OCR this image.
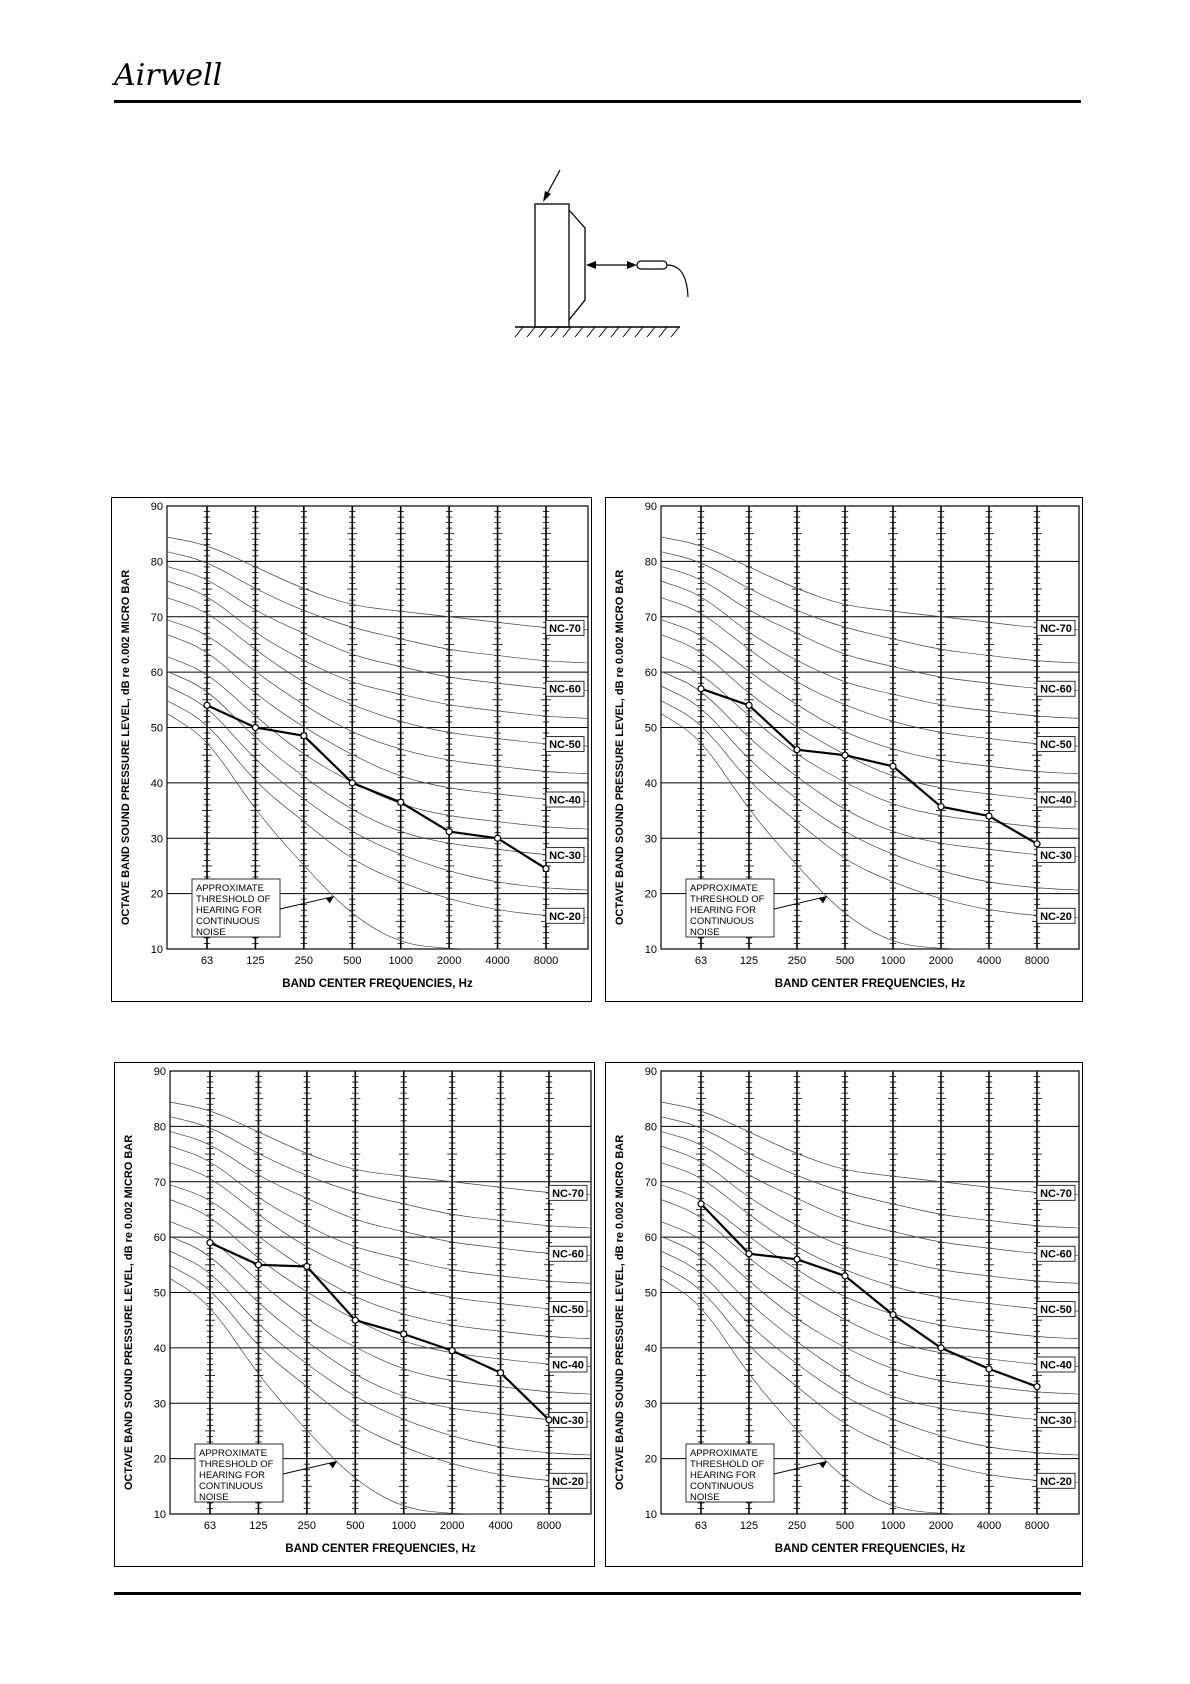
Airwell
10
20
30
40
50
60
70
80
90
63	125	250	500 1000 2000 4000 8000
NC-70
NC-60
NC-50
NC-40
NC-30
NC-20
APPROXIMATE
THRESHOLD OF
HEARING FOR
CONTINUOUS
NOISE
BAND CENTER FREQUENCIES, Hz
OCTAVE BAND SOUND PRESSURE LEVEL, dB re 0.002 MICRO BAR
10
20
30
40
50
60
70
80
90
63	125	250	500 1000 2000 4000 8000
NC-70
NC-60
NC-50
NC-40
NC-30
NC-20
APPROXIMATE
THRESHOLD OF
HEARING FOR
CONTINUOUS
NOISE
BAND CENTER FREQUENCIES, Hz
OCTAVE BAND SOUND PRESSURE LEVEL, dB re 0.002 MICRO BAR
10
20
30
40
50
60
70
80
90
63	125	250	500 1000 2000 4000 8000
NC-70
NC-60
NC-50
NC-40
NC-30
NC-20
APPROXIMATE
THRESHOLD OF
HEARING FOR
CONTINUOUS
NOISE
BAND CENTER FREQUENCIES, Hz
OCTAVE BAND SOUND PRESSURE LEVEL, dB re 0.002 MICRO BAR
10
20
30
40
50
60
70
80
90
63	125	250	500 1000 2000 4000 8000
NC-70
NC-60
NC-50
NC-40
NC-30
NC-20
APPROXIMATE
THRESHOLD OF
HEARING FOR
CONTINUOUS
NOISE
BAND CENTER FREQUENCIES, Hz
OCTAVE BAND SOUND PRESSURE LEVEL, dB re 0.002 MICRO BAR
